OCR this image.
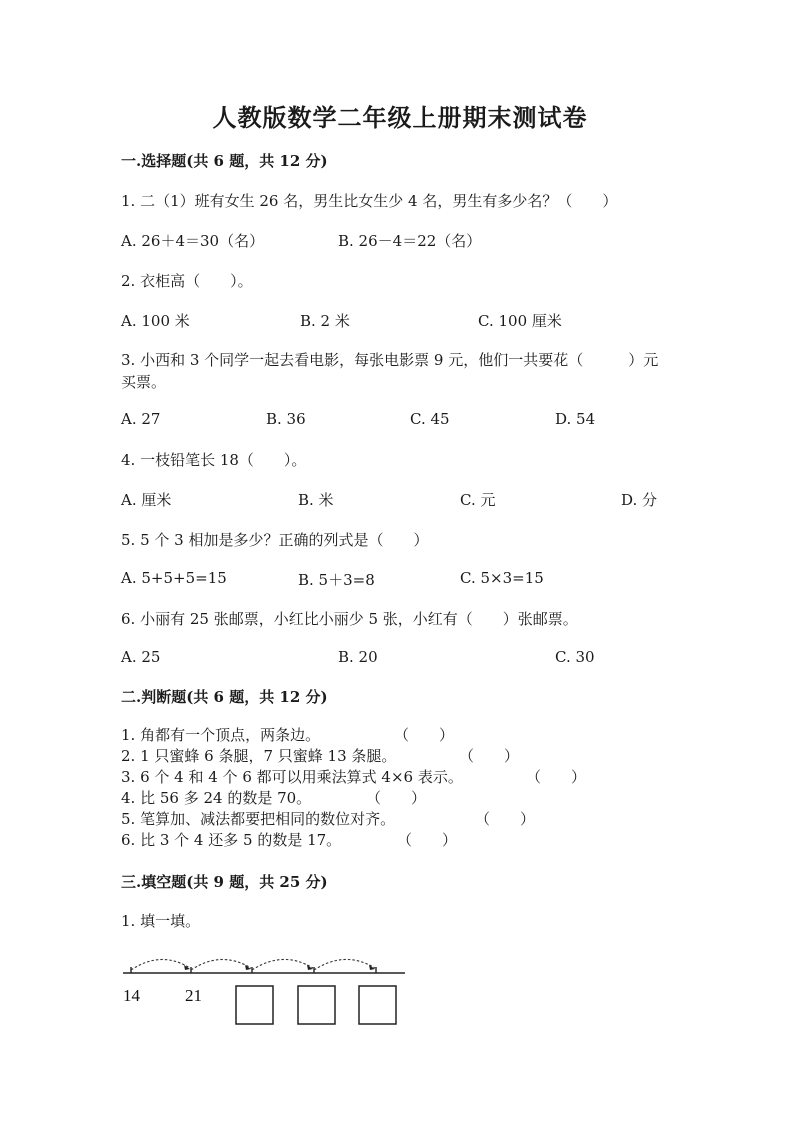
人教版数学二年级上册期末测试卷
一.选择题(共 6 题，共 12 分)
1. 二（1）班有女生 26 名，男生比女生少 4 名，男生有多少名？（　　）
A. 26＋4＝30（名）	B. 26－4＝22（名）
2. 衣柜高（　　）。
A. 100 米	B. 2 米	C. 100 厘米
3. 小西和 3 个同学一起去看电影，每张电影票 9 元，他们一共要花（　　　）元
买票。
A. 27	B. 36	C. 45	D. 54
4. 一枝铅笔长 18（　　）。
A. 厘米	B. 米	C. 元	D. 分
5. 5 个 3 相加是多少？正确的列式是（　　）
A. 5+5+5=15	B. 5＋3=8	C. 5×3=15
6. 小丽有 25 张邮票，小红比小丽少 5 张，小红有（　　）张邮票。
A. 25	B. 20	C. 30
二.判断题(共 6 题，共 12 分)
1. 角都有一个顶点，两条边。	（　　）
2. 1 只蜜蜂 6 条腿，7 只蜜蜂 13 条腿。	（　　）
3. 6 个 4 和 4 个 6 都可以用乘法算式 4×6 表示。	（　　）
4. 比 56 多 24 的数是 70。	（　　）
5. 笔算加、减法都要把相同的数位对齐。	（　　）
6. 比 3 个 4 还多 5 的数是 17。	（　　）
三.填空题(共 9 题，共 25 分)
1. 填一填。
14	21
